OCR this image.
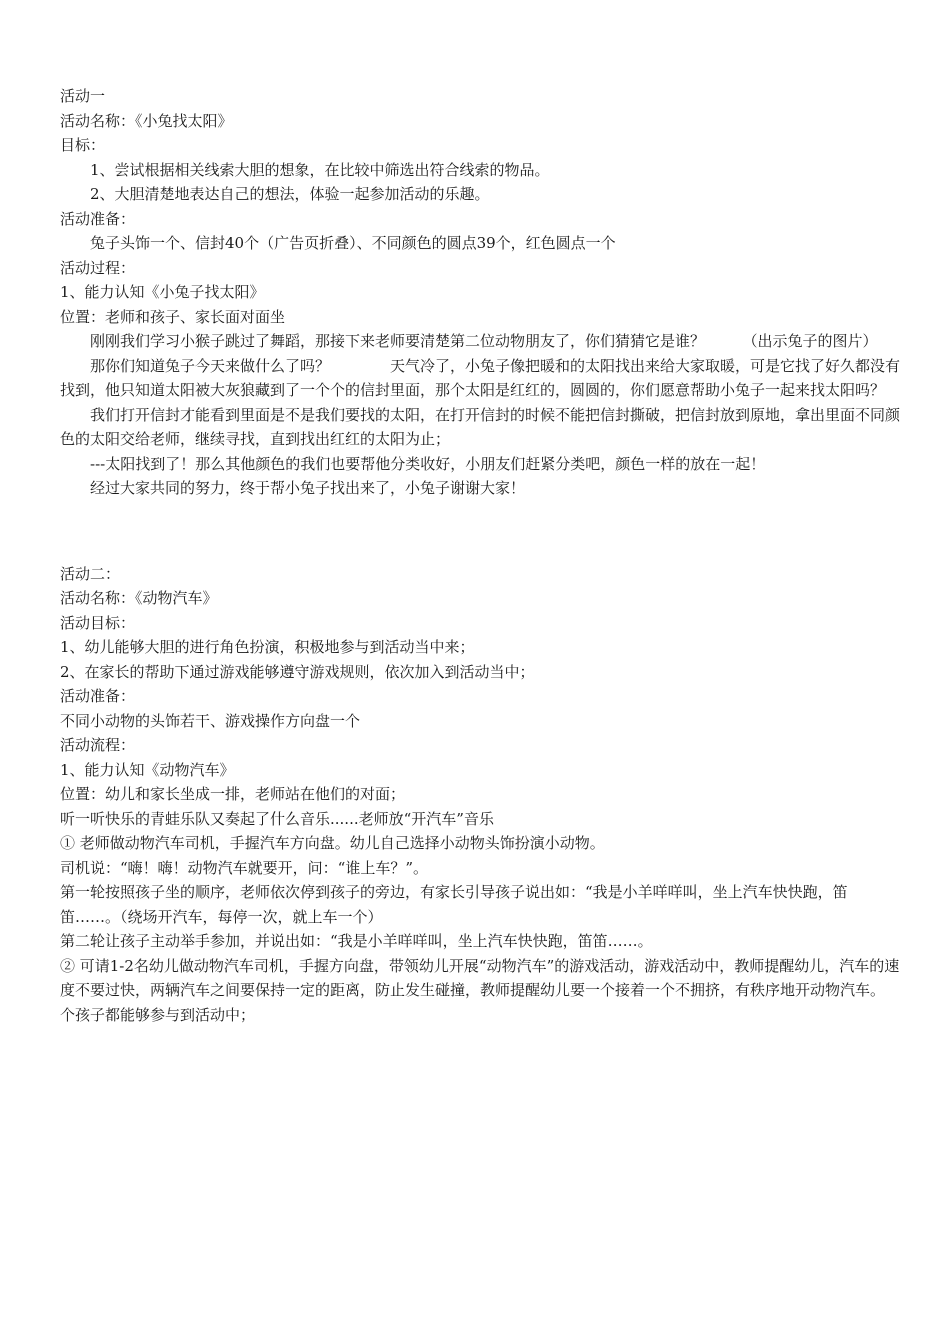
活动一

活动名称：《小兔找太阳》

目标：

1、尝试根据相关线索大胆的想象，在比较中筛选出符合线索的物品。

2、大胆清楚地表达自己的想法，体验一起参加活动的乐趣。

活动准备：

兔子头饰一个、信封40个（广告页折叠）、不同颜色的圆点39个，红色圆点一个

活动过程：

1、能力认知《小兔子找太阳》

位置：老师和孩子、家长面对面坐

刚刚我们学习小猴子跳过了舞蹈，那接下来老师要清楚第二位动物朋友了，你们猜猜它是谁？　　　（出示兔子的图片）

那你们知道兔子今天来做什么了吗？　　　　天气冷了，小兔子像把暖和的太阳找出来给大家取暖，可是它找了好久都没有找到，他只知道太阳被大灰狼藏到了一个个的信封里面，那个太阳是红红的，圆圆的，你们愿意帮助小兔子一起来找太阳吗？

我们打开信封才能看到里面是不是我们要找的太阳，在打开信封的时候不能把信封撕破，把信封放到原地，拿出里面不同颜色的太阳交给老师，继续寻找，直到找出红红的太阳为止；

---太阳找到了！那么其他颜色的我们也要帮他分类收好，小朋友们赶紧分类吧，颜色一样的放在一起！

经过大家共同的努力，终于帮小兔子找出来了，小兔子谢谢大家！

活动二：

活动名称：《动物汽车》

活动目标：

1、幼儿能够大胆的进行角色扮演，积极地参与到活动当中来；

2、在家长的帮助下通过游戏能够遵守游戏规则，依次加入到活动当中；

活动准备：

不同小动物的头饰若干、游戏操作方向盘一个

活动流程：

1、能力认知《动物汽车》

位置：幼儿和家长坐成一排，老师站在他们的对面；

听一听快乐的青蛙乐队又奏起了什么音乐......老师放“开汽车”音乐

① 老师做动物汽车司机，手握汽车方向盘。幼儿自己选择小动物头饰扮演小动物。

司机说：“嗨！嗨！动物汽车就要开，问：“谁上车？”。

第一轮按照孩子坐的顺序，老师依次停到孩子的旁边，有家长引导孩子说出如：“我是小羊咩咩叫，坐上汽车快快跑，笛笛……。（绕场开汽车，每停一次，就上车一个）

第二轮让孩子主动举手参加，并说出如：“我是小羊咩咩叫，坐上汽车快快跑，笛笛……。

② 可请1-2名幼儿做动物汽车司机，手握方向盘，带领幼儿开展“动物汽车”的游戏活动，游戏活动中，教师提醒幼儿，汽车的速度不要过快，两辆汽车之间要保持一定的距离，防止发生碰撞，教师提醒幼儿要一个接着一个不拥挤，有秩序地开动物汽车。

个孩子都能够参与到活动中；
